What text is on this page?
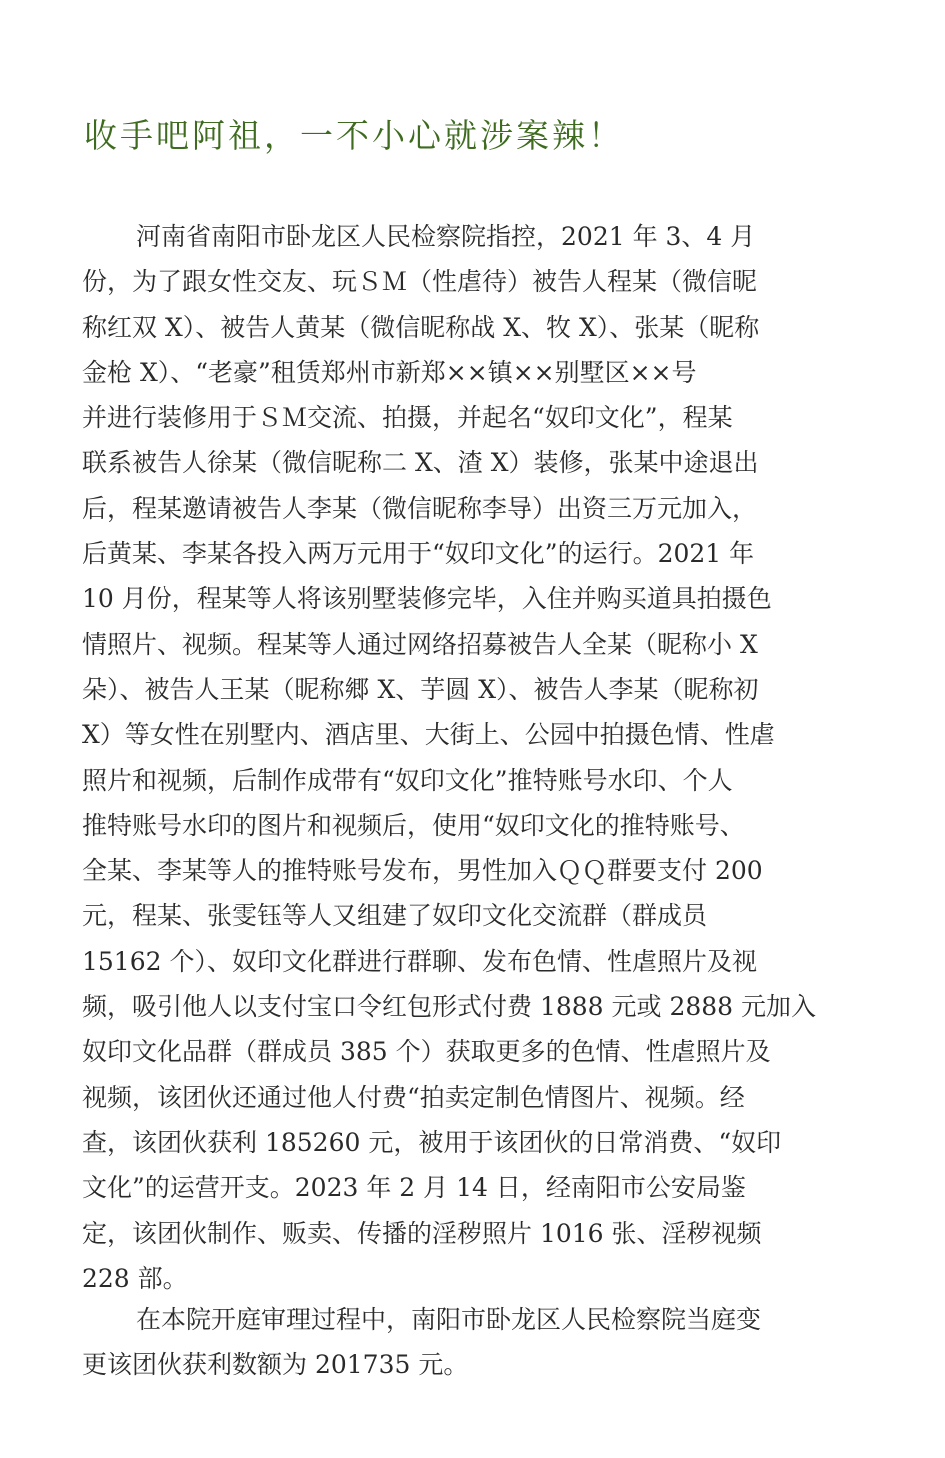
收手吧阿祖，一不小心就涉案辣！
河南省南阳市卧龙区人民检察院指控，2021 年 3、4 月
份，为了跟女性交友、玩ＳＭ（性虐待）被告人程某（微信昵
称红双 X）、被告人黄某（微信昵称战 X、牧 X）、张某（昵称
金枪 X）、“老豪”租赁郑州市新郑××镇××别墅区××号
并进行装修用于ＳＭ交流、拍摄，并起名“奴印文化”，程某
联系被告人徐某（微信昵称二 X、渣 X）装修，张某中途退出
后，程某邀请被告人李某（微信昵称李导）出资三万元加入，
后黄某、李某各投入两万元用于“奴印文化”的运行。2021 年
10 月份，程某等人将该别墅装修完毕，入住并购买道具拍摄色
情照片、视频。程某等人通过网络招募被告人全某（昵称小 X
朵）、被告人王某（昵称郷 X、芋圆 X）、被告人李某（昵称初
X）等女性在别墅内、酒店里、大街上、公园中拍摄色情、性虐
照片和视频，后制作成带有“奴印文化”推特账号水印、个人
推特账号水印的图片和视频后，使用“奴印文化的推特账号、
全某、李某等人的推特账号发布，男性加入ＱＱ群要支付 200
元，程某、张雯钰等人又组建了奴印文化交流群（群成员
15162 个）、奴印文化群进行群聊、发布色情、性虐照片及视
频，吸引他人以支付宝口令红包形式付费 1888 元或 2888 元加入
奴印文化品群（群成员 385 个）获取更多的色情、性虐照片及
视频，该团伙还通过他人付费“拍卖定制色情图片、视频。经
查，该团伙获利 185260 元，被用于该团伙的日常消费、“奴印
文化”的运营开支。2023 年 2 月 14 日，经南阳市公安局鉴
定，该团伙制作、贩卖、传播的淫秽照片 1016 张、淫秽视频
228 部。
在本院开庭审理过程中，南阳市卧龙区人民检察院当庭变
更该团伙获利数额为 201735 元。
